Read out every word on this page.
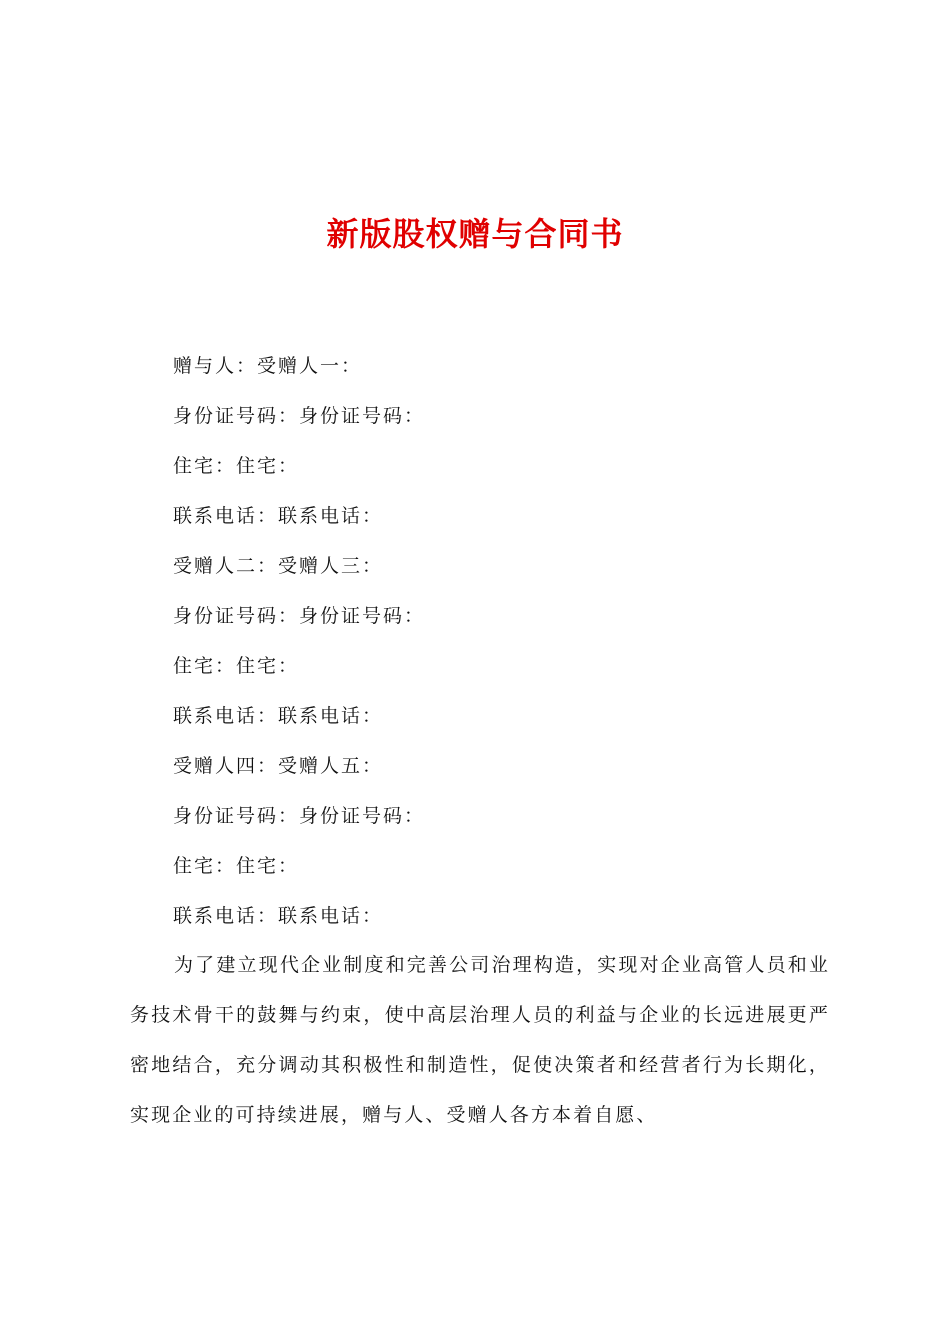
新版股权赠与合同书
赠与人：受赠人一：
身份证号码：身份证号码：
住宅：住宅：
联系电话：联系电话：
受赠人二：受赠人三：
身份证号码：身份证号码：
住宅：住宅：
联系电话：联系电话：
受赠人四：受赠人五：
身份证号码：身份证号码：
住宅：住宅：
联系电话：联系电话：

为了建立现代企业制度和完善公司治理构造，实现对企业高管人员和业务技术骨干的鼓舞与约束，使中高层治理人员的利益与企业的长远进展更严密地结合，充分调动其积极性和制造性，促使决策者和经营者行为长期化，实现企业的可持续进展，赠与人、受赠人各方本着自愿、
